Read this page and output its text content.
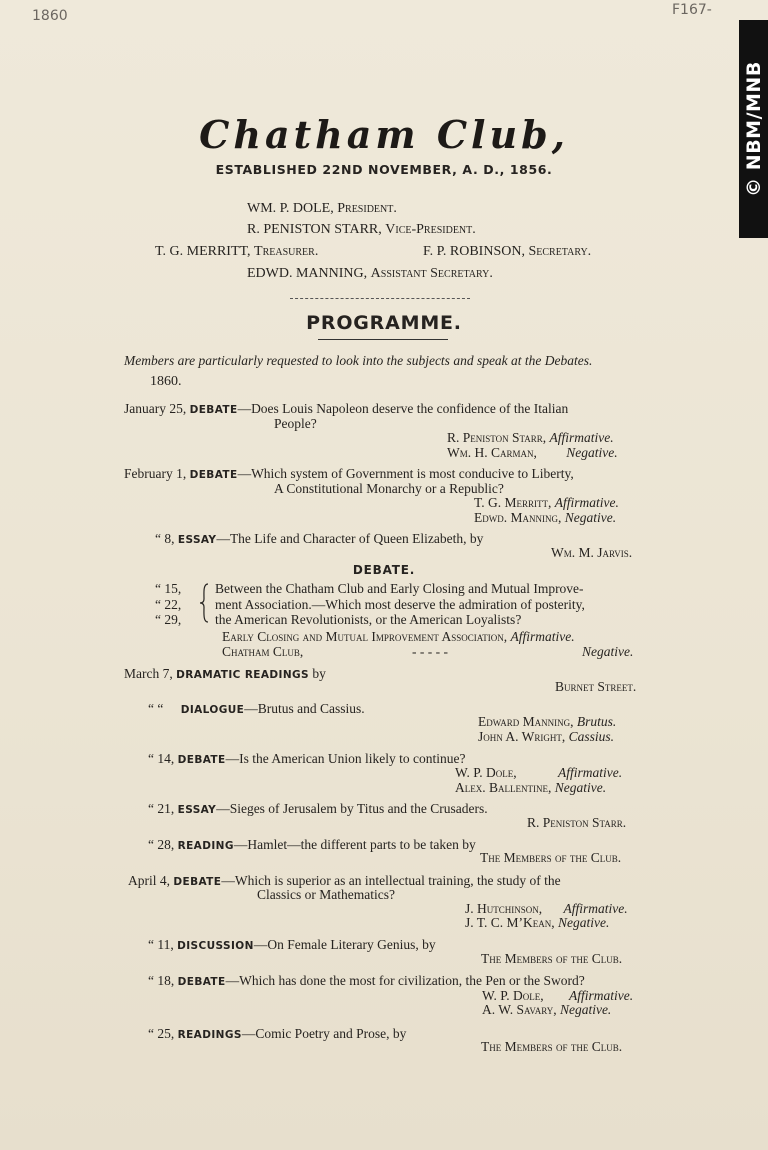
1860	F167-
© NBM/MNB
Chatham Club,
ESTABLISHED 22ND NOVEMBER, A. D., 1856.
WM. P. DOLE, President.
R. PENISTON STARR, Vice-President.
T. G. MERRITT, Treasurer.	F. P. ROBINSON, Secretary.
EDWD. MANNING, Assistant Secretary.
PROGRAMME.
Members are particularly requested to look into the subjects and speak at the Debates.
1860.
January 25, DEBATE—Does Louis Napoleon deserve the confidence of the Italian
People?
R. Peniston Starr, Affirmative.
Wm. H. Carman, Negative.
February 1, DEBATE—Which system of Government is most conducive to Liberty,
A Constitutional Monarchy or a Republic?
T. G. Merritt, Affirmative.
Edwd. Manning, Negative.
“ 8, ESSAY—The Life and Character of Queen Elizabeth, by
Wm. M. Jarvis.
DEBATE.
“ 15,
“ 22,
“ 29,
Between the Chatham Club and Early Closing and Mutual Improve-
ment Association.—Which most deserve the admiration of posterity,
the American Revolutionists, or the American Loyalists?
Early Closing and Mutual Improvement Association, Affirmative.
Chatham Club,	- - - - -	Negative.
March 7, DRAMATIC READINGS by
Burnet Street.
“ “ DIALOGUE—Brutus and Cassius.
Edward Manning, Brutus.
John A. Wright, Cassius.
“ 14, DEBATE—Is the American Union likely to continue?
W. P. Dole,	Affirmative.
Alex. Ballentine, Negative.
“ 21, ESSAY—Sieges of Jerusalem by Titus and the Crusaders.
R. Peniston Starr.
“ 28, READING—Hamlet—the different parts to be taken by
The Members of the Club.
April 4, DEBATE—Which is superior as an intellectual training, the study of the
Classics or Mathematics?
J. Hutchinson, Affirmative.
J. T. C. M’Kean, Negative.
“ 11, DISCUSSION—On Female Literary Genius, by
The Members of the Club.
“ 18, DEBATE—Which has done the most for civilization, the Pen or the Sword?
W. P. Dole, Affirmative.
A. W. Savary, Negative.
“ 25, READINGS—Comic Poetry and Prose, by
The Members of the Club.
